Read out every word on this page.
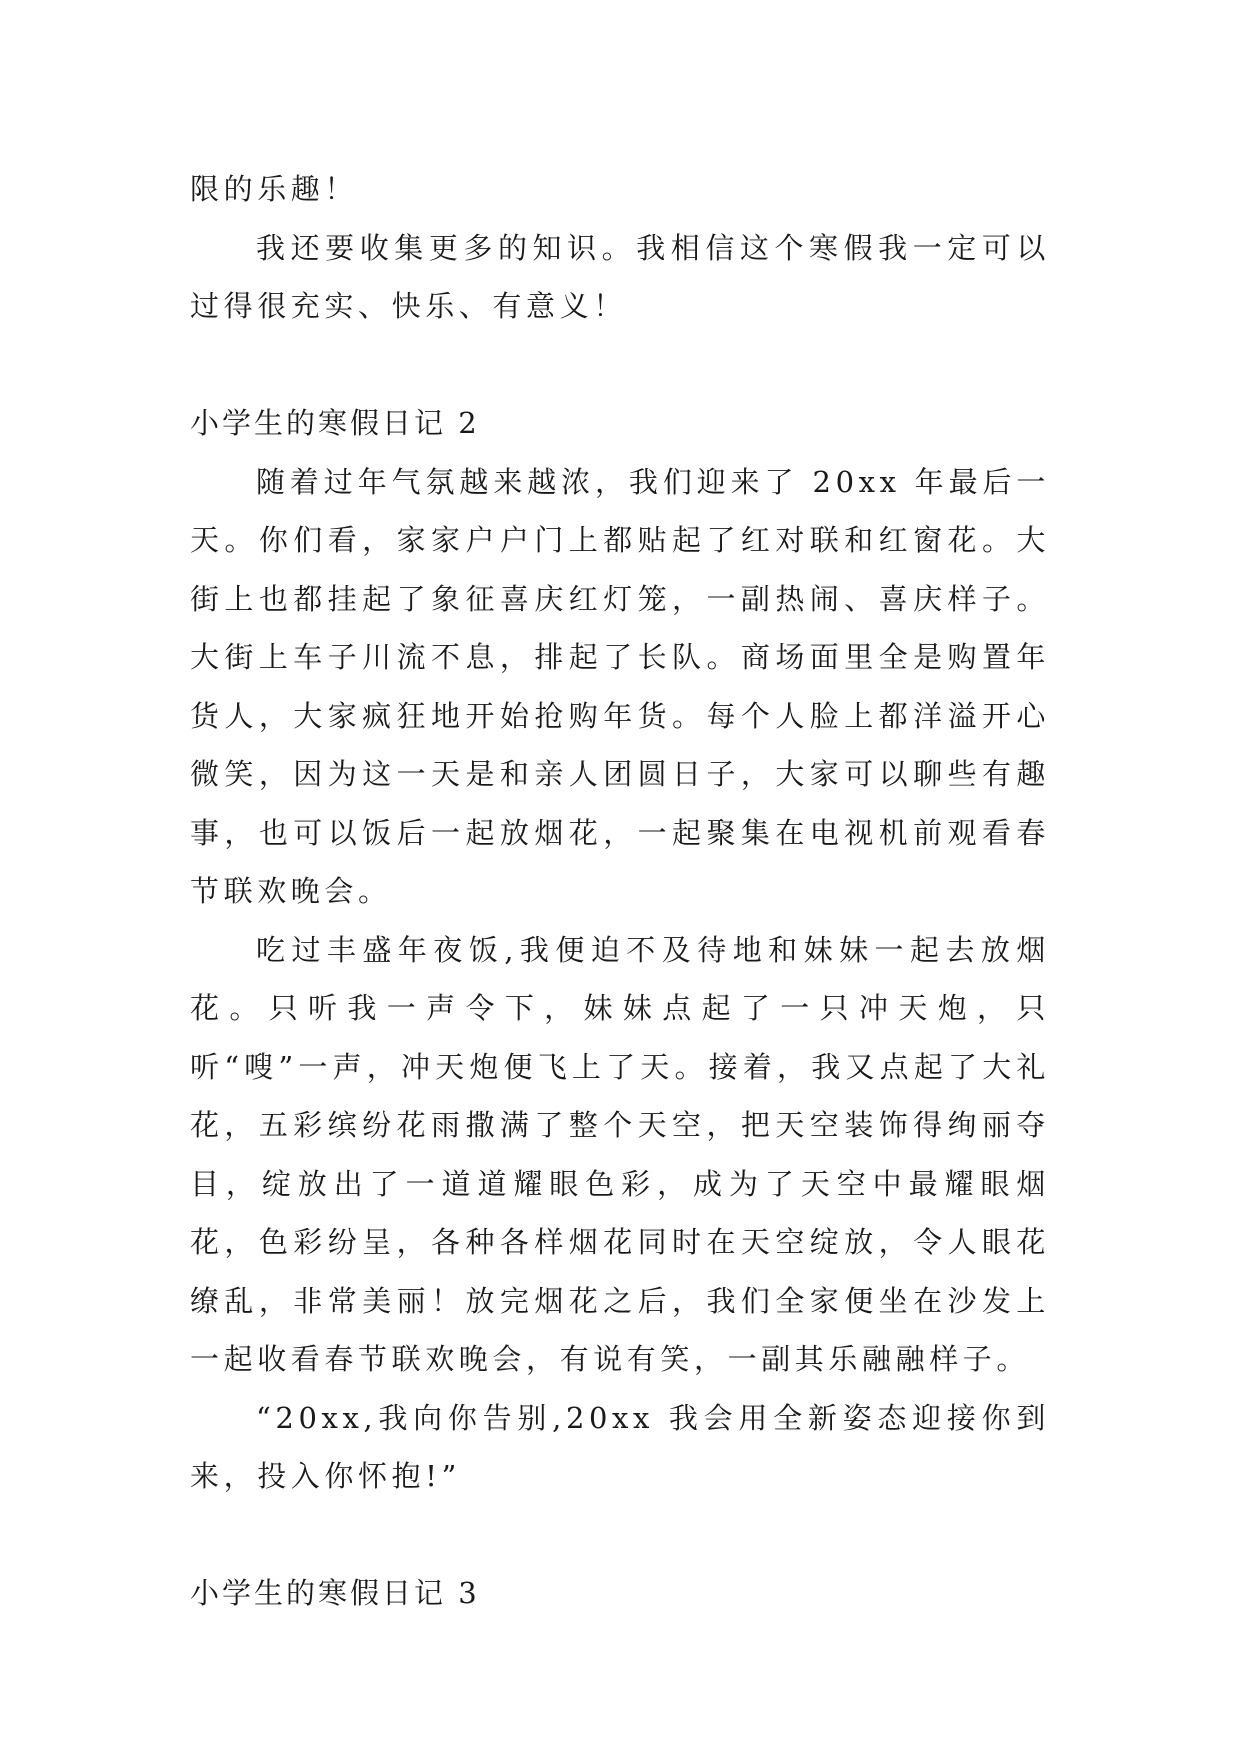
限的乐趣！

我还要收集更多的知识。我相信这个寒假我一定可以过得很充实、快乐、有意义！

小学生的寒假日记 2

随着过年气氛越来越浓，我们迎来了 20xx 年最后一天。你们看，家家户户门上都贴起了红对联和红窗花。大街上也都挂起了象征喜庆红灯笼，一副热闹、喜庆样子。大街上车子川流不息，排起了长队。商场面里全是购置年货人，大家疯狂地开始抢购年货。每个人脸上都洋溢开心微笑，因为这一天是和亲人团圆日子，大家可以聊些有趣事，也可以饭后一起放烟花，一起聚集在电视机前观看春节联欢晚会。

吃过丰盛年夜饭,我便迫不及待地和妹妹一起去放烟花。只听我一声令下，妹妹点起了一只冲天炮，只听“嗖”一声，冲天炮便飞上了天。接着，我又点起了大礼花，五彩缤纷花雨撒满了整个天空，把天空装饰得绚丽夺目，绽放出了一道道耀眼色彩，成为了天空中最耀眼烟花，色彩纷呈，各种各样烟花同时在天空绽放，令人眼花缭乱，非常美丽！放完烟花之后，我们全家便坐在沙发上一起收看春节联欢晚会，有说有笑，一副其乐融融样子。

“20xx,我向你告别,20xx 我会用全新姿态迎接你到来，投入你怀抱!”

小学生的寒假日记 3
